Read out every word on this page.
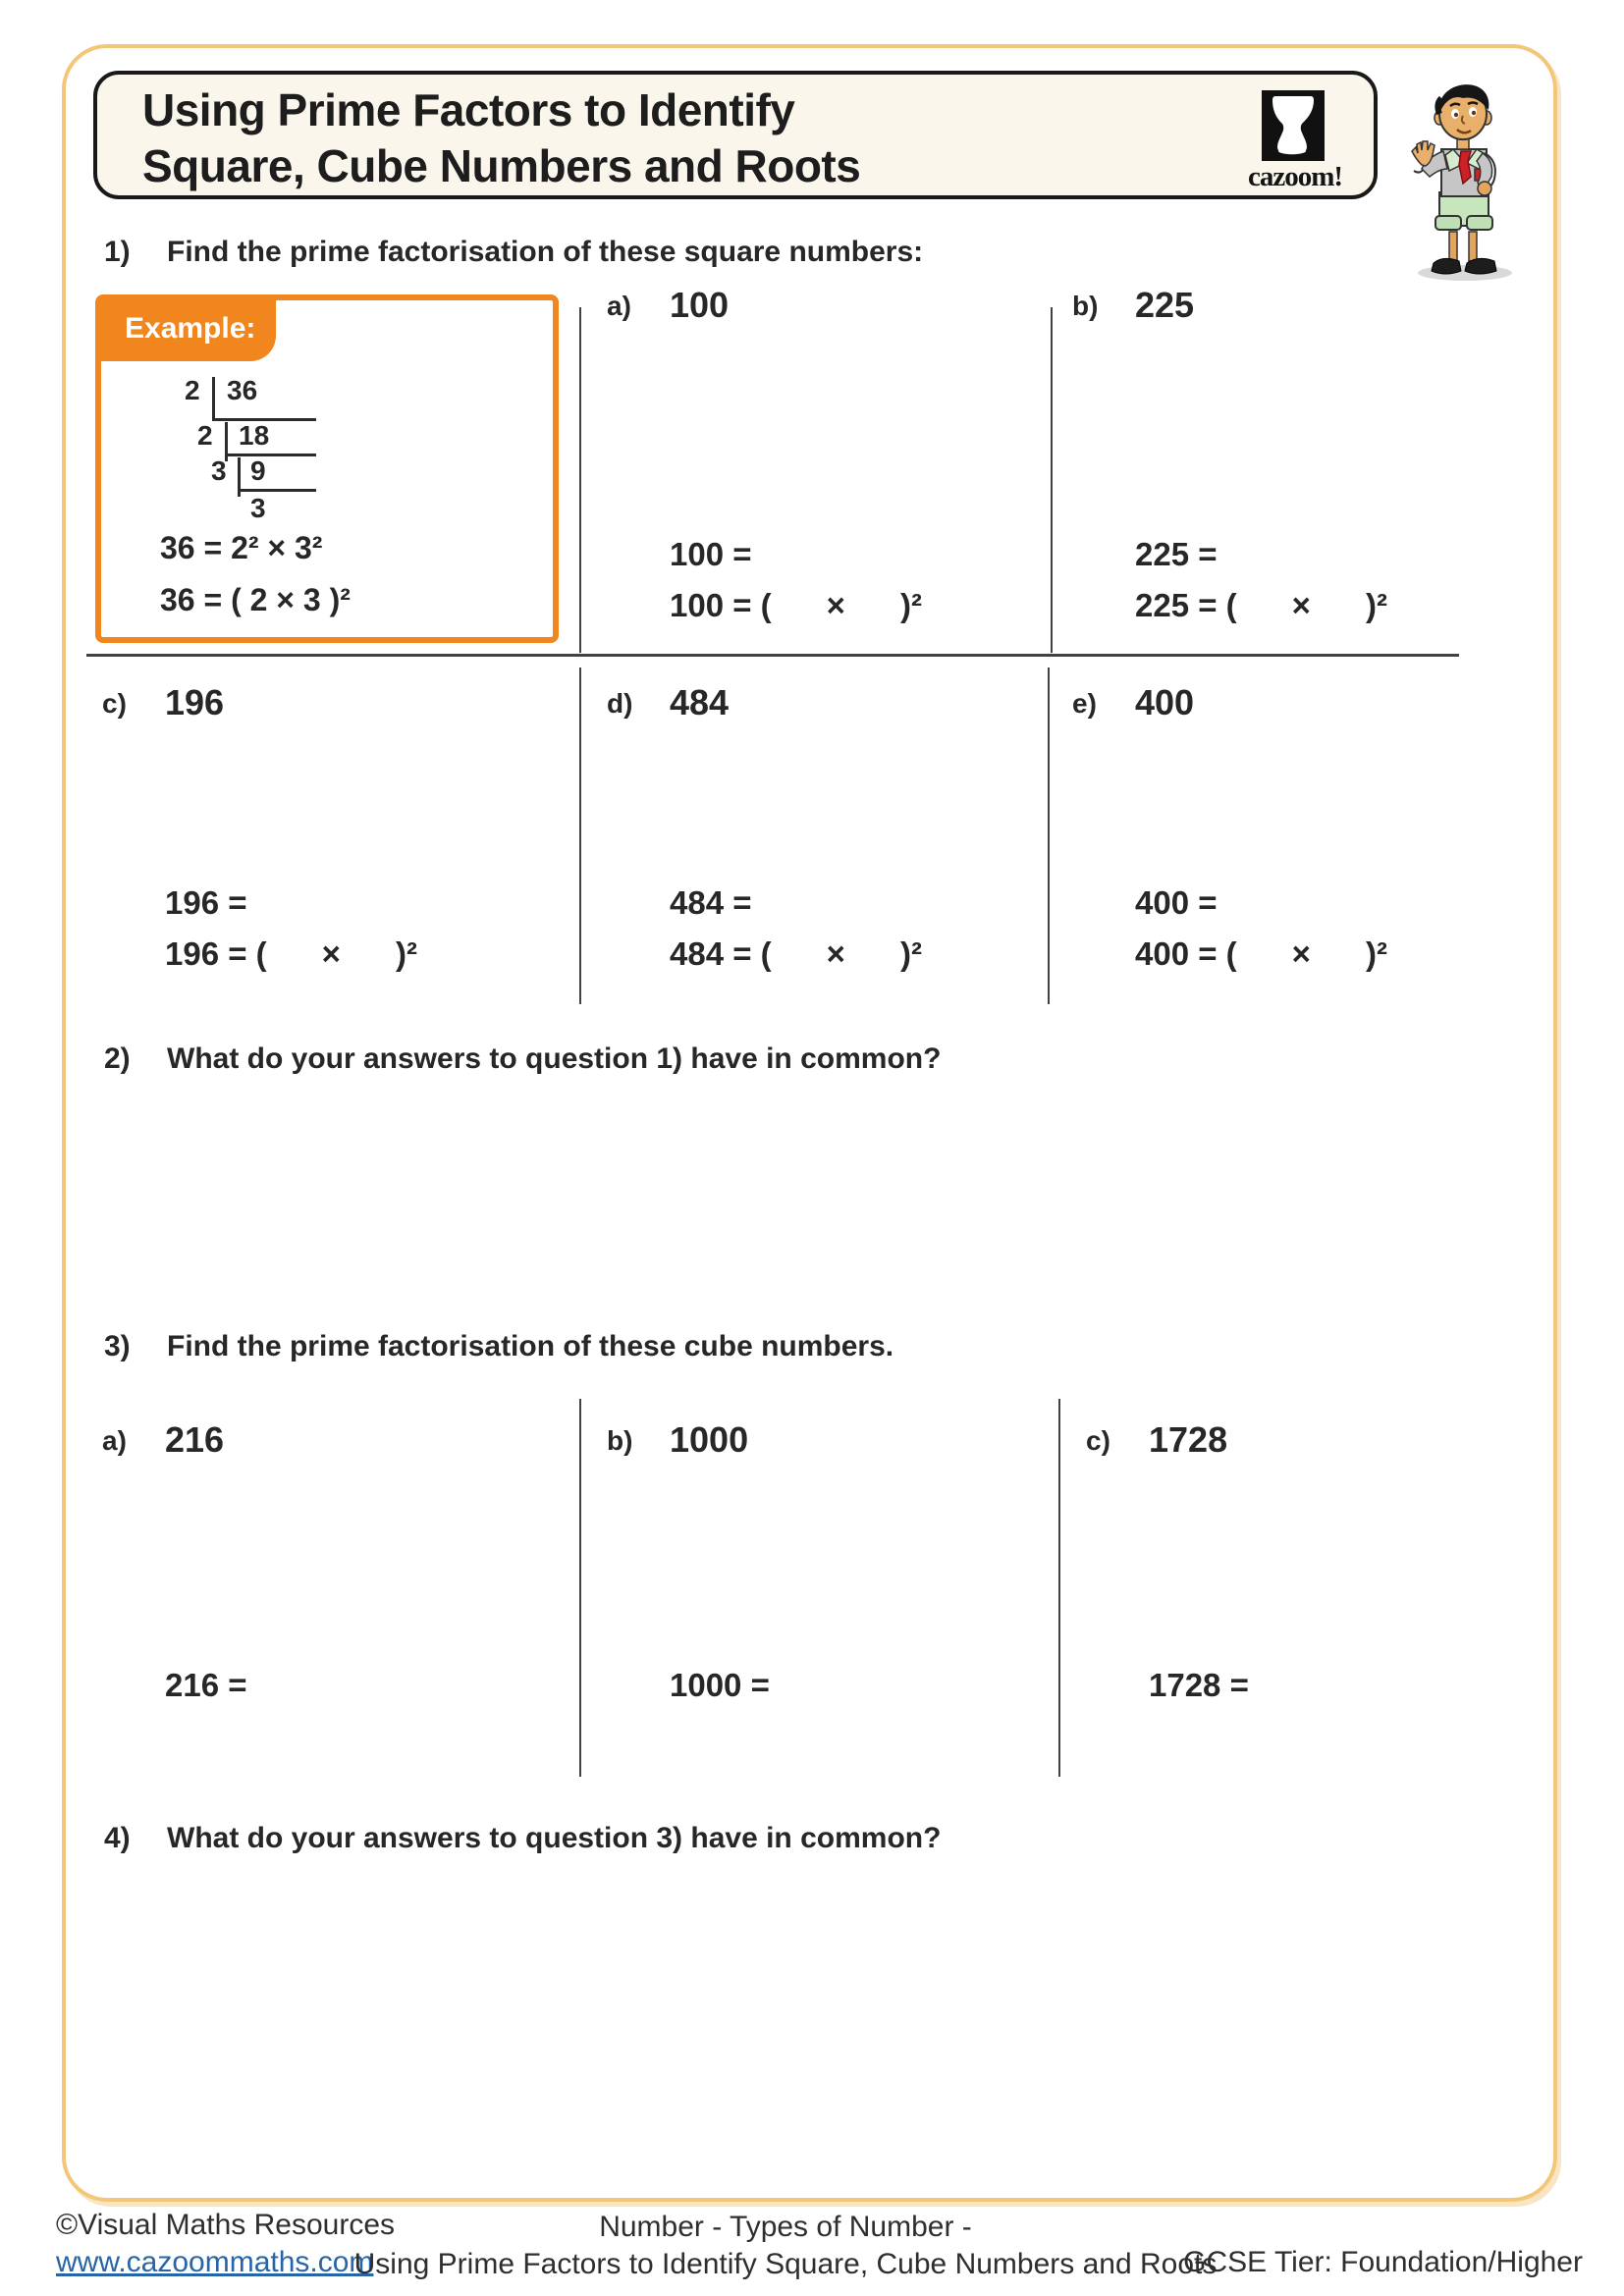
Using Prime Factors to Identify
Square, Cube Numbers and Roots	cazoom!
1) Find the prime factorisation of these square numbers:
Example:
2 36
2 18
3 9
3
36 = 2² × 3²
36 = ( 2 × 3 )²
a) 100
100 =
100 = ( × )²
b) 225
225 =
225 = ( × )²
c) 196
196 =
196 = ( × )²
d) 484
484 =
484 = ( × )²
e) 400
400 =
400 = ( × )²
2) What do your answers to question 1) have in common?
3) Find the prime factorisation of these cube numbers.
a) 216
216 =
b) 1000
1000 =
c) 1728
1728 =
4) What do your answers to question 3) have in common?
©Visual Maths Resources
www.cazoommaths.com
Number - Types of Number -
Using Prime Factors to Identify Square, Cube Numbers and Roots
GCSE Tier: Foundation/Higher
